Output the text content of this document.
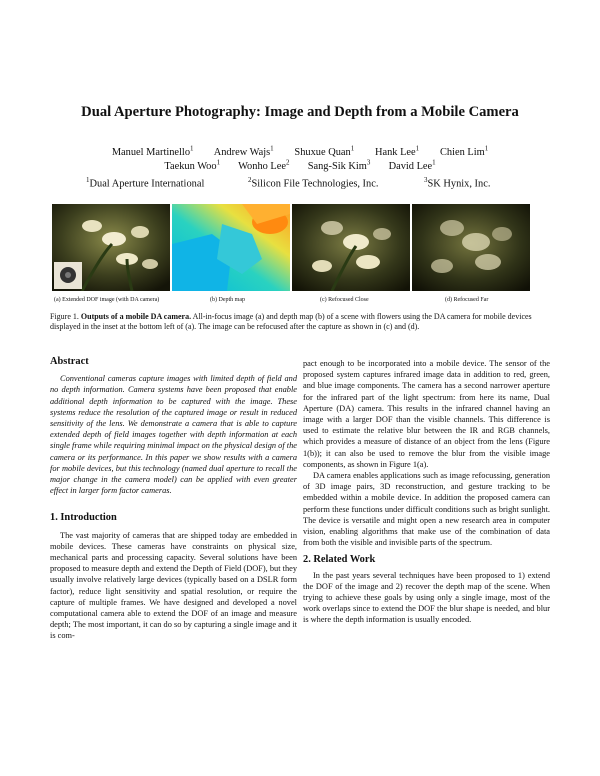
Dual Aperture Photography: Image and Depth from a Mobile Camera
Manuel Martinello$^1$ Andrew Wajs$^1$ Shuxue Quan$^1$ Hank Lee$^1$ Chien Lim$^1$
Taekun Woo$^1$ Wonho Lee$^2$ Sang-Sik Kim$^3$ David Lee$^1$
$^1$Dual Aperture International	$^2$Silicon File Technologies, Inc.	$^3$SK Hynix, Inc.
(a) Extended DOF image (with DA camera)	(b) Depth map	(c) Refocused Close	(d) Refocused Far
Figure 1. Outputs of a mobile DA camera. All-in-focus image (a) and depth map (b) of a scene with flowers using the DA camera for mobile devices displayed in the inset at the bottom left of (a). The image can be refocused after the capture as shown in (c) and (d).

Abstract

Conventional cameras capture images with limited depth of field and no depth information. Camera systems have been proposed that enable additional depth information to be captured with the image. These systems reduce the resolution of the captured image or result in reduced sensitivity of the lens. We demonstrate a camera that is able to capture extended depth of field images together with depth information at each single frame while requiring minimal impact on the physical design of the camera or its performance. In this paper we show results with a camera for mobile devices, but this technology (named dual aperture to recall the major change in the camera model) can be applied with even greater effect in larger form factor cameras.

1. Introduction

The vast majority of cameras that are shipped today are embedded in mobile devices. These cameras have constraints on physical size, mechanical parts and processing capacity. Several solutions have been proposed to measure depth and extend the Depth of Field (DOF), but they usually involve relatively large devices (typically based on a DSLR form factor), reduce light sensitivity and spatial resolution, or require the capture of multiple frames. We have designed and developed a novel computational camera able to extend the DOF of an image and measure depth; The most important, it can do so by capturing a single image and it is com-

pact enough to be incorporated into a mobile device. The sensor of the proposed system captures infrared image data in addition to red, green, and blue image components. The camera has a second narrower aperture for the infrared part of the light spectrum: from here its name, Dual Aperture (DA) camera. This results in the infrared channel having an image with a larger DOF than the visible channels. This difference is used to estimate the relative blur between the IR and RGB channels, which provides a measure of distance of an object from the lens (Figure 1(b)); it can also be used to remove the blur from the visible image components, as shown in Figure 1(a).

DA camera enables applications such as image refocussing, generation of 3D image pairs, 3D reconstruction, and gesture tracking to be embedded within a mobile device. In addition the proposed camera can perform these functions under difficult conditions such as bright sunlight. The device is versatile and might open a new research area in computer vision, enabling algorithms that make use of the combination of data from both the visible and invisible parts of the spectrum.

2. Related Work

In the past years several techniques have been proposed to 1) extend the DOF of the image and 2) recover the depth map of the scene. When trying to achieve these goals by using only a single image, most of the work overlaps since to extend the DOF the blur shape is needed, and blur is where the depth information is usually encoded.
